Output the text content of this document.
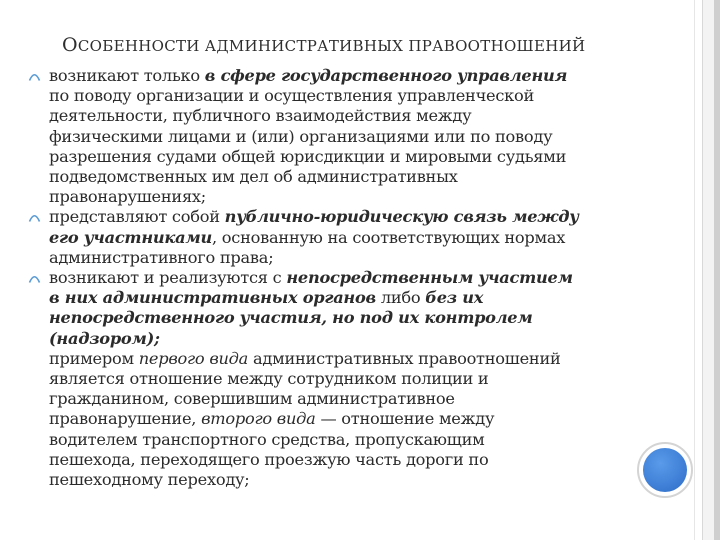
ОСОБЕННОСТИ АДМИНИСТРАТИВНЫХ ПРАВООТНОШЕНИЙ
возникают только в сфере государственного управления
по поводу организации и осуществления управленческой
деятельности, публичного взаимодействия между
физическими лицами и (или) организациями или по поводу
разрешения судами общей юрисдикции и мировыми судьями
подведомственных им дел об административных
правонарушениях;
представляют собой публично-юридическую связь между
его участниками, основанную на соответствующих нормах
административного права;
возникают и реализуются с непосредственным участием
в них административных органов либо без их
непосредственного участия, но под их контролем
(надзором);
примером первого вида административных правоотношений
является отношение между сотрудником полиции и
гражданином, совершившим административное
правонарушение, второго вида — отношение между
водителем транспортного средства, пропускающим
пешехода, переходящего проезжую часть дороги по
пешеходному переходу;
